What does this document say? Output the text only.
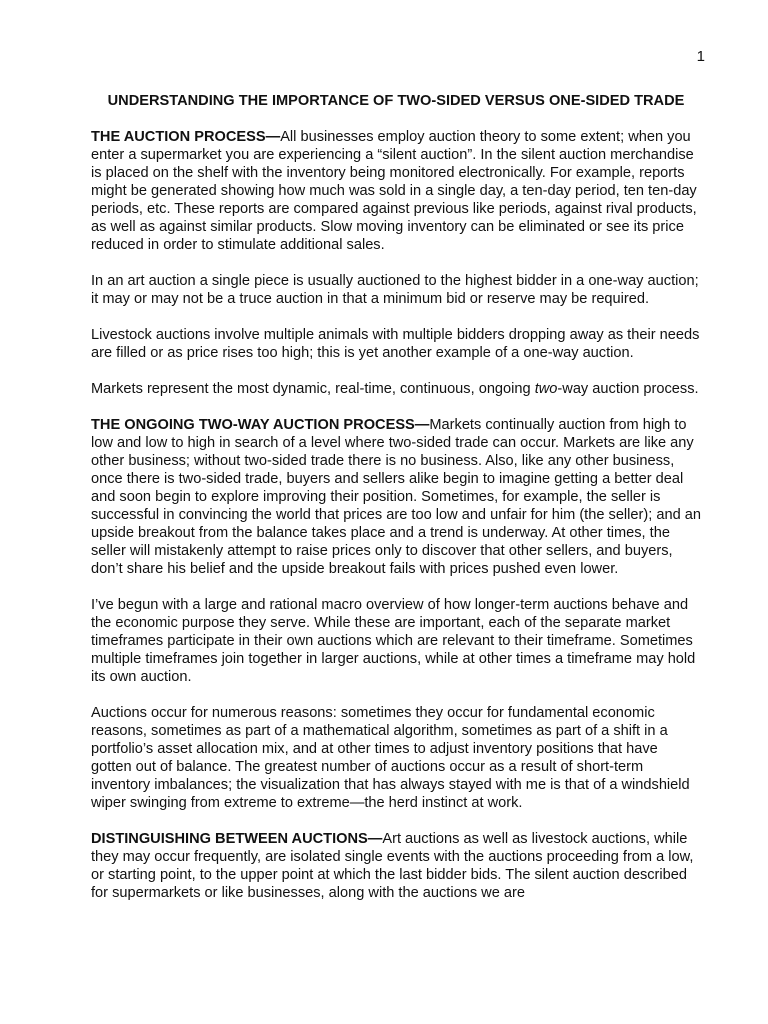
1
UNDERSTANDING THE IMPORTANCE OF TWO-SIDED VERSUS ONE-SIDED TRADE

THE AUCTION PROCESS—All businesses employ auction theory to some extent; when you enter a supermarket you are experiencing a “silent auction”. In the silent auction merchandise is placed on the shelf with the inventory being monitored electronically. For example, reports might be generated showing how much was sold in a single day, a ten-day period, ten ten-day periods, etc. These reports are compared against previous like periods, against rival products, as well as against similar products. Slow moving inventory can be eliminated or see its price reduced in order to stimulate additional sales.

In an art auction a single piece is usually auctioned to the highest bidder in a one-way auction; it may or may not be a truce auction in that a minimum bid or reserve may be required.

Livestock auctions involve multiple animals with multiple bidders dropping away as their needs are filled or as price rises too high; this is yet another example of a one-way auction.

Markets represent the most dynamic, real-time, continuous, ongoing two-way auction process.

THE ONGOING TWO-WAY AUCTION PROCESS—Markets continually auction from high to low and low to high in search of a level where two-sided trade can occur. Markets are like any other business; without two-sided trade there is no business. Also, like any other business, once there is two-sided trade, buyers and sellers alike begin to imagine getting a better deal and soon begin to explore improving their position. Sometimes, for example, the seller is successful in convincing the world that prices are too low and unfair for him (the seller); and an upside breakout from the balance takes place and a trend is underway. At other times, the seller will mistakenly attempt to raise prices only to discover that other sellers, and buyers, don’t share his belief and the upside breakout fails with prices pushed even lower.

I’ve begun with a large and rational macro overview of how longer-term auctions behave and the economic purpose they serve. While these are important, each of the separate market timeframes participate in their own auctions which are relevant to their timeframe. Sometimes multiple timeframes join together in larger auctions, while at other times a timeframe may hold its own auction.

Auctions occur for numerous reasons: sometimes they occur for fundamental economic reasons, sometimes as part of a mathematical algorithm, sometimes as part of a shift in a portfolio’s asset allocation mix, and at other times to adjust inventory positions that have gotten out of balance. The greatest number of auctions occur as a result of short-term inventory imbalances; the visualization that has always stayed with me is that of a windshield wiper swinging from extreme to extreme—the herd instinct at work.

DISTINGUISHING BETWEEN AUCTIONS—Art auctions as well as livestock auctions, while they may occur frequently, are isolated single events with the auctions proceeding from a low, or starting point, to the upper point at which the last bidder bids. The silent auction described for supermarkets or like businesses, along with the auctions we are
